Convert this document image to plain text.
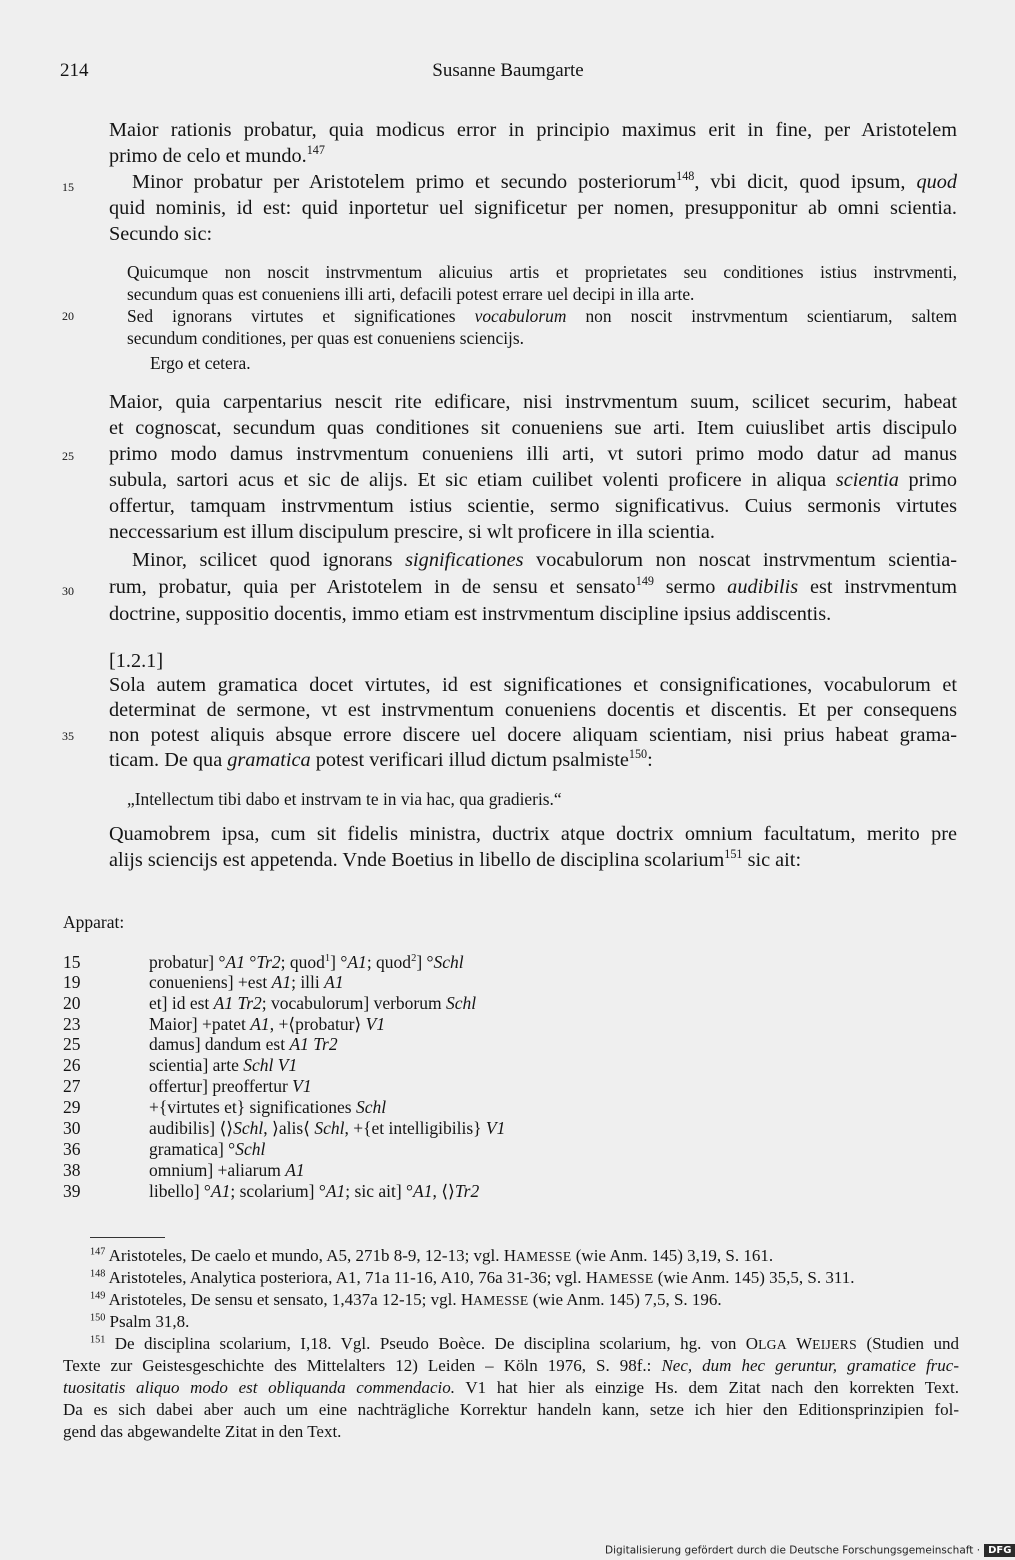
214	Susanne Baumgarte
15
20
25
30
35
Maior rationis probatur, quia modicus error in principio maximus erit in fine, per Aristotelem
primo de celo et mundo.$^{147}$
Minor probatur per Aristotelem primo et secundo posteriorum$^{148}$, vbi dicit, quod ipsum, quod
quid nominis, id est: quid inportetur uel significetur per nomen, presupponitur ab omni scientia.
Secundo sic:
Quicumque non noscit instrvmentum alicuius artis et proprietates seu conditiones istius instrvmenti,
secundum quas est conueniens illi arti, defacili potest errare uel decipi in illa arte.
Sed ignorans virtutes et significationes vocabulorum non noscit instrvmentum scientiarum, saltem
secundum conditiones, per quas est conueniens sciencijs.
Ergo et cetera.
Maior, quia carpentarius nescit rite edificare, nisi instrvmentum suum, scilicet securim, habeat
et cognoscat, secundum quas conditiones sit conueniens sue arti. Item cuiuslibet artis discipulo
primo modo damus instrvmentum conueniens illi arti, vt sutori primo modo datur ad manus
subula, sartori acus et sic de alijs. Et sic etiam cuilibet volenti proficere in aliqua scientia primo
offertur, tamquam instrvmentum istius scientie, sermo significativus. Cuius sermonis virtutes
neccessarium est illum discipulum prescire, si wlt proficere in illa scientia.
Minor, scilicet quod ignorans significationes vocabulorum non noscat instrvmentum scientia-
rum, probatur, quia per Aristotelem in de sensu et sensato$^{149}$ sermo audibilis est instrvmentum
doctrine, suppositio docentis, immo etiam est instrvmentum discipline ipsius addiscentis.
[1.2.1]
Sola autem gramatica docet virtutes, id est significationes et consignificationes, vocabulorum et
determinat de sermone, vt est instrvmentum conueniens docentis et discentis. Et per consequens
non potest aliquis absque errore discere uel docere aliquam scientiam, nisi prius habeat grama-
ticam. De qua gramatica potest verificari illud dictum psalmiste$^{150}$:
„Intellectum tibi dabo et instrvam te in via hac, qua gradieris.“
Quamobrem ipsa, cum sit fidelis ministra, ductrix atque doctrix omnium facultatum, merito pre
alijs sciencijs est appetenda. Vnde Boetius in libello de disciplina scolarium$^{151}$ sic ait:
Apparat:
15	probatur] °A1 °Tr2; quod$^1$] °A1; quod$^2$] °Schl
19	conueniens] +est A1; illi A1
20	et] id est A1 Tr2; vocabulorum] verborum Schl
23	Maior] +patet A1, +⟨probatur⟩ V1
25	damus] dandum est A1 Tr2
26	scientia] arte Schl V1
27	offertur] preoffertur V1
29	+{virtutes et} significationes Schl
30	audibilis] ⟨⟩Schl, ⟩alis⟨ Schl, +{et intelligibilis} V1
36	gramatica] °Schl
38	omnium] +aliarum A1
39	libello] °A1; scolarium] °A1; sic ait] °A1, ⟨⟩Tr2
$^{147}$ Aristoteles, De caelo et mundo, A5, 271b 8-9, 12-13; vgl. HAMESSE (wie Anm. 145) 3,19, S. 161.
$^{148}$ Aristoteles, Analytica posteriora, A1, 71a 11-16, A10, 76a 31-36; vgl. HAMESSE (wie Anm. 145) 35,5, S. 311.
$^{149}$ Aristoteles, De sensu et sensato, 1,437a 12-15; vgl. HAMESSE (wie Anm. 145) 7,5, S. 196.
$^{150}$ Psalm 31,8.
$^{151}$ De disciplina scolarium, I,18. Vgl. Pseudo Boèce. De disciplina scolarium, hg. von OLGA WEIJERS (Studien und
Texte zur Geistesgeschichte des Mittelalters 12) Leiden – Köln 1976, S. 98f.: Nec, dum hec geruntur, gramatice fruc-
tuositatis aliquo modo est obliquanda commendacio. V1 hat hier als einzige Hs. dem Zitat nach den korrekten Text.
Da es sich dabei aber auch um eine nachträgliche Korrektur handeln kann, setze ich hier den Editionsprinzipien fol-
gend das abgewandelte Zitat in den Text.
Digitalisierung gefördert durch die Deutsche Forschungsgemeinschaft · DFG
